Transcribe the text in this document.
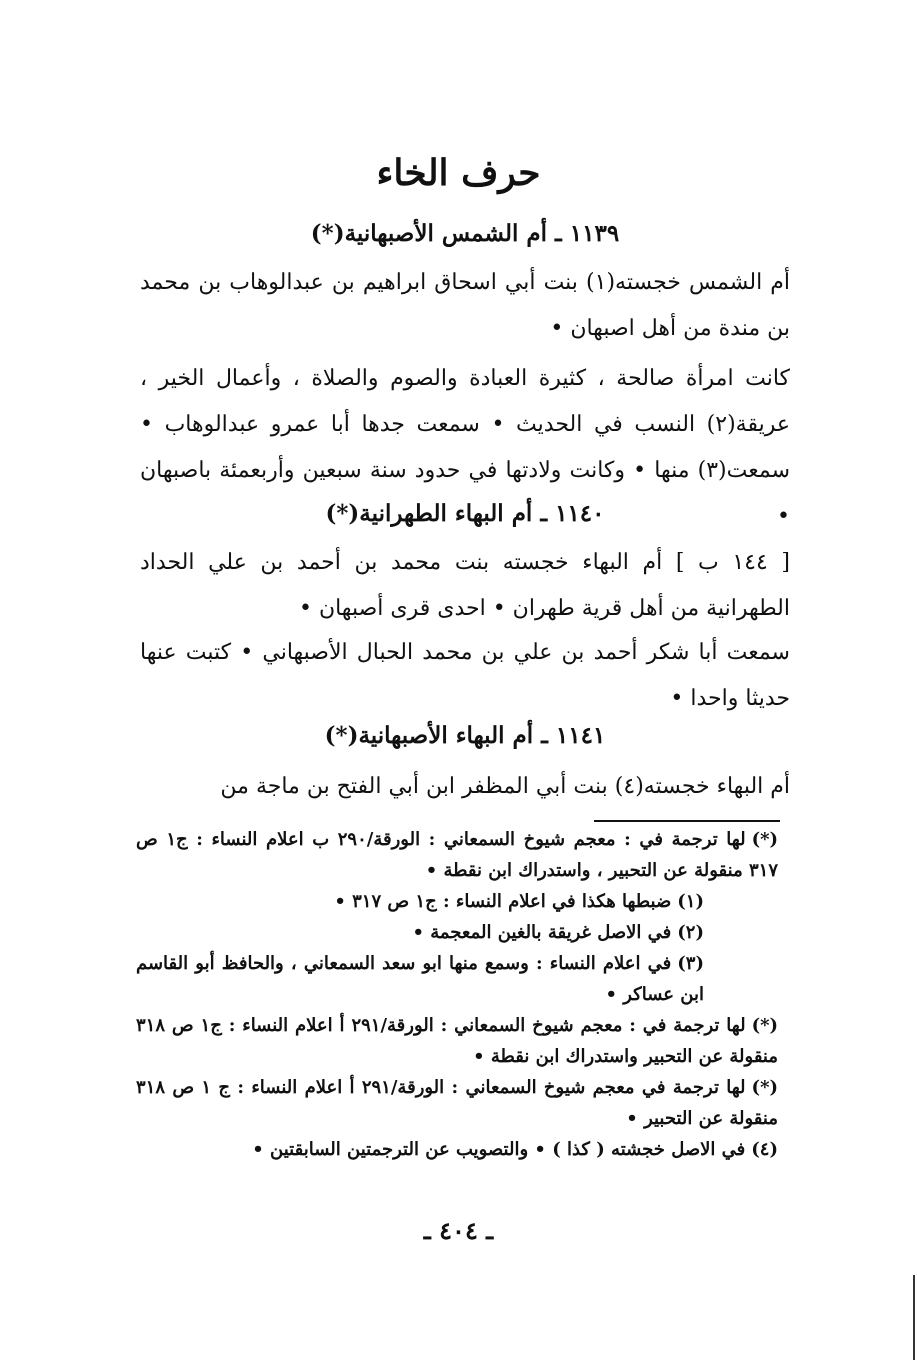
حرف الخاء
١١٣٩ ـ أم الشمس الأصبهانية(*)

أم الشمس خجسته(١) بنت أبي اسحاق ابراهيم بن عبدالوهاب بن محمد بن مندة من أهل اصبهان •

كانت امرأة صالحة ، كثيرة العبادة والصوم والصلاة ، وأعمال الخير ، عريقة(٢) النسب في الحديث • سمعت جدها أبا عمرو عبدالوهاب • سمعت(٣) منها • وكانت ولادتها في حدود سنة سبعين وأربعمئة باصبهان •

١١٤٠ ـ أم البهاء الطهرانية(*)

[ ١٤٤ ب ] أم البهاء خجسته بنت محمد بن أحمد بن علي الحداد الطهرانية من أهل قرية طهران • احدى قرى أصبهان •

سمعت أبا شكر أحمد بن علي بن محمد الحبال الأصبهاني • كتبت عنها حديثا واحدا •

١١٤١ ـ أم البهاء الأصبهانية(*)

أم البهاء خجسته(٤) بنت أبي المظفر ابن أبي الفتح بن ماجة من

(*)لها ترجمة في : معجم شيوخ السمعاني : الورقة/٢٩٠ ب اعلام النساء : ج١ ص ٣١٧ منقولة عن التحبير ، واستدراك ابن نقطة •

(١)ضبطها هكذا في اعلام النساء : ج١ ص ٣١٧ •

(٢)في الاصل غريقة بالغين المعجمة •

(٣)في اعلام النساء : وسمع منها ابو سعد السمعاني ، والحافظ أبو القاسم ابن عساكر •

(*)لها ترجمة في : معجم شيوخ السمعاني : الورقة/٢٩١ أ اعلام النساء : ج١ ص ٣١٨ منقولة عن التحبير واستدراك ابن نقطة •

(*)لها ترجمة في معجم شيوخ السمعاني : الورقة/٢٩١ أ اعلام النساء : ج ١ ص ٣١٨ منقولة عن التحبير •

(٤)في الاصل خجشته ( كذا ) • والتصويب عن الترجمتين السابقتين •

ـ ٤٠٤ ـ
